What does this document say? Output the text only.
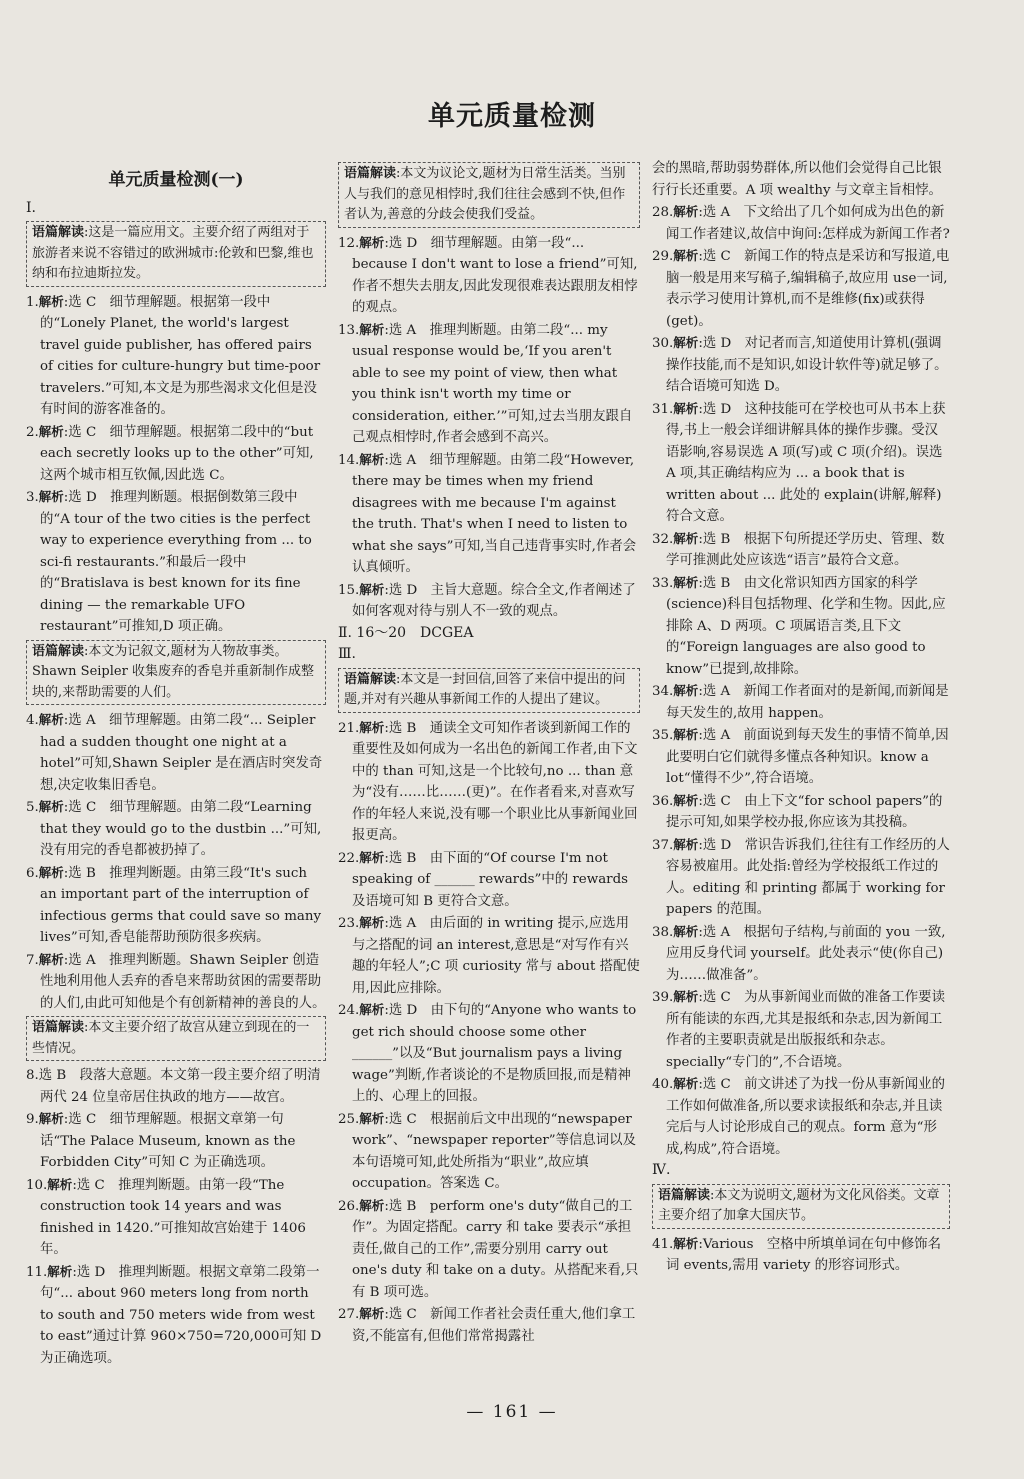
单元质量检测
单元质量检测(一)
Ⅰ.
语篇解读:这是一篇应用文。主要介绍了两组对于旅游者来说不容错过的欧洲城市:伦敦和巴黎,维也纳和布拉迪斯拉发。
1.解析:选 C　细节理解题。根据第一段中的“Lonely Planet, the world's largest travel guide publisher, has offered pairs of cities for culture-hungry but time-poor travelers.”可知,本文是为那些渴求文化但是没有时间的游客准备的。
2.解析:选 C　细节理解题。根据第二段中的“but each secretly looks up to the other”可知,这两个城市相互钦佩,因此选 C。
3.解析:选 D　推理判断题。根据倒数第三段中的“A tour of the two cities is the perfect way to experience everything from ... to sci-fi restaurants.”和最后一段中的“Bratislava is best known for its fine dining — the remarkable UFO restaurant”可推知,D 项正确。
语篇解读:本文为记叙文,题材为人物故事类。Shawn Seipler 收集废弃的香皂并重新制作成整块的,来帮助需要的人们。
4.解析:选 A　细节理解题。由第二段“... Seipler had a sudden thought one night at a hotel”可知,Shawn Seipler 是在酒店时突发奇想,决定收集旧香皂。
5.解析:选 C　细节理解题。由第二段“Learning that they would go to the dustbin ...”可知,没有用完的香皂都被扔掉了。
6.解析:选 B　推理判断题。由第三段“It's such an important part of the interruption of infectious germs that could save so many lives”可知,香皂能帮助预防很多疾病。
7.解析:选 A　推理判断题。Shawn Seipler 创造性地利用他人丢弃的香皂来帮助贫困的需要帮助的人们,由此可知他是个有创新精神的善良的人。
语篇解读:本文主要介绍了故宫从建立到现在的一些情况。
8.选 B　段落大意题。本文第一段主要介绍了明清两代 24 位皇帝居住执政的地方——故宫。
9.解析:选 C　细节理解题。根据文章第一句话“The Palace Museum, known as the Forbidden City”可知 C 为正确选项。
10.解析:选 C　推理判断题。由第一段“The construction took 14 years and was finished in 1420.”可推知故宫始建于 1406 年。
11.解析:选 D　推理判断题。根据文章第二段第一句“... about 960 meters long from north to south and 750 meters wide from west to east”通过计算 960×750=720,000可知 D 为正确选项。
语篇解读:本文为议论文,题材为日常生活类。当别人与我们的意见相悖时,我们往往会感到不快,但作者认为,善意的分歧会使我们受益。
12.解析:选 D　细节理解题。由第一段“... because I don't want to lose a friend”可知,作者不想失去朋友,因此发现很难表达跟朋友相悖的观点。
13.解析:选 A　推理判断题。由第二段“... my usual response would be,‘If you aren't able to see my point of view, then what you think isn't worth my time or consideration, either.’”可知,过去当朋友跟自己观点相悖时,作者会感到不高兴。
14.解析:选 A　细节理解题。由第二段“However, there may be times when my friend disagrees with me because I'm against the truth. That's when I need to listen to what she says”可知,当自己违背事实时,作者会认真倾听。
15.解析:选 D　主旨大意题。综合全文,作者阐述了如何客观对待与别人不一致的观点。
Ⅱ. 16～20　DCGEA
Ⅲ.
语篇解读:本文是一封回信,回答了来信中提出的问题,并对有兴趣从事新闻工作的人提出了建议。
21.解析:选 B　通读全文可知作者谈到新闻工作的重要性及如何成为一名出色的新闻工作者,由下文中的 than 可知,这是一个比较句,no ... than 意为“没有……比……(更)”。在作者看来,对喜欢写作的年轻人来说,没有哪一个职业比从事新闻业回报更高。
22.解析:选 B　由下面的“Of course I'm not speaking of ______ rewards”中的 rewards 及语境可知 B 更符合文意。
23.解析:选 A　由后面的 in writing 提示,应选用与之搭配的词 an interest,意思是“对写作有兴趣的年轻人”;C 项 curiosity 常与 about 搭配使用,因此应排除。
24.解析:选 D　由下句的“Anyone who wants to get rich should choose some other ______”以及“But journalism pays a living wage”判断,作者谈论的不是物质回报,而是精神上的、心理上的回报。
25.解析:选 C　根据前后文中出现的“newspaper work”、“newspaper reporter”等信息词以及本句语境可知,此处所指为“职业”,故应填 occupation。答案选 C。
26.解析:选 B　perform one's duty“做自己的工作”。为固定搭配。carry 和 take 要表示“承担责任,做自己的工作”,需要分别用 carry out one's duty 和 take on a duty。从搭配来看,只有 B 项可选。
27.解析:选 C　新闻工作者社会责任重大,他们拿工资,不能富有,但他们常常揭露社
会的黑暗,帮助弱势群体,所以他们会觉得自己比银行行长还重要。A 项 wealthy 与文章主旨相悖。
28.解析:选 A　下文给出了几个如何成为出色的新闻工作者建议,故信中询问:怎样成为新闻工作者?
29.解析:选 C　新闻工作的特点是采访和写报道,电脑一般是用来写稿子,编辑稿子,故应用 use一词,表示学习使用计算机,而不是维修(fix)或获得(get)。
30.解析:选 D　对记者而言,知道使用计算机(强调操作技能,而不是知识,如设计软件等)就足够了。结合语境可知选 D。
31.解析:选 D　这种技能可在学校也可从书本上获得,书上一般会详细讲解具体的操作步骤。受汉语影响,容易误选 A 项(写)或 C 项(介绍)。误选 A 项,其正确结构应为 ... a book that is written about ... 此处的 explain(讲解,解释)符合文意。
32.解析:选 B　根据下句所提还学历史、管理、数学可推测此处应该选“语言”最符合文意。
33.解析:选 B　由文化常识知西方国家的科学(science)科目包括物理、化学和生物。因此,应排除 A、D 两项。C 项属语言类,且下文的“Foreign languages are also good to know”已提到,故排除。
34.解析:选 A　新闻工作者面对的是新闻,而新闻是每天发生的,故用 happen。
35.解析:选 A　前面说到每天发生的事情不简单,因此要明白它们就得多懂点各种知识。know a lot“懂得不少”,符合语境。
36.解析:选 C　由上下文“for school papers”的提示可知,如果学校办报,你应该为其投稿。
37.解析:选 D　常识告诉我们,往往有工作经历的人容易被雇用。此处指:曾经为学校报纸工作过的人。editing 和 printing 都属于 working for papers 的范围。
38.解析:选 A　根据句子结构,与前面的 you 一致,应用反身代词 yourself。此处表示“使(你自己)为……做准备”。
39.解析:选 C　为从事新闻业而做的准备工作要读所有能读的东西,尤其是报纸和杂志,因为新闻工作者的主要职责就是出版报纸和杂志。specially“专门的”,不合语境。
40.解析:选 C　前文讲述了为找一份从事新闻业的工作如何做准备,所以要求读报纸和杂志,并且读完后与人讨论形成自己的观点。form 意为“形成,构成”,符合语境。
Ⅳ.
语篇解读:本文为说明文,题材为文化风俗类。文章主要介绍了加拿大国庆节。
41.解析:Various　空格中所填单词在句中修饰名词 events,需用 variety 的形容词形式。
— 161 —
